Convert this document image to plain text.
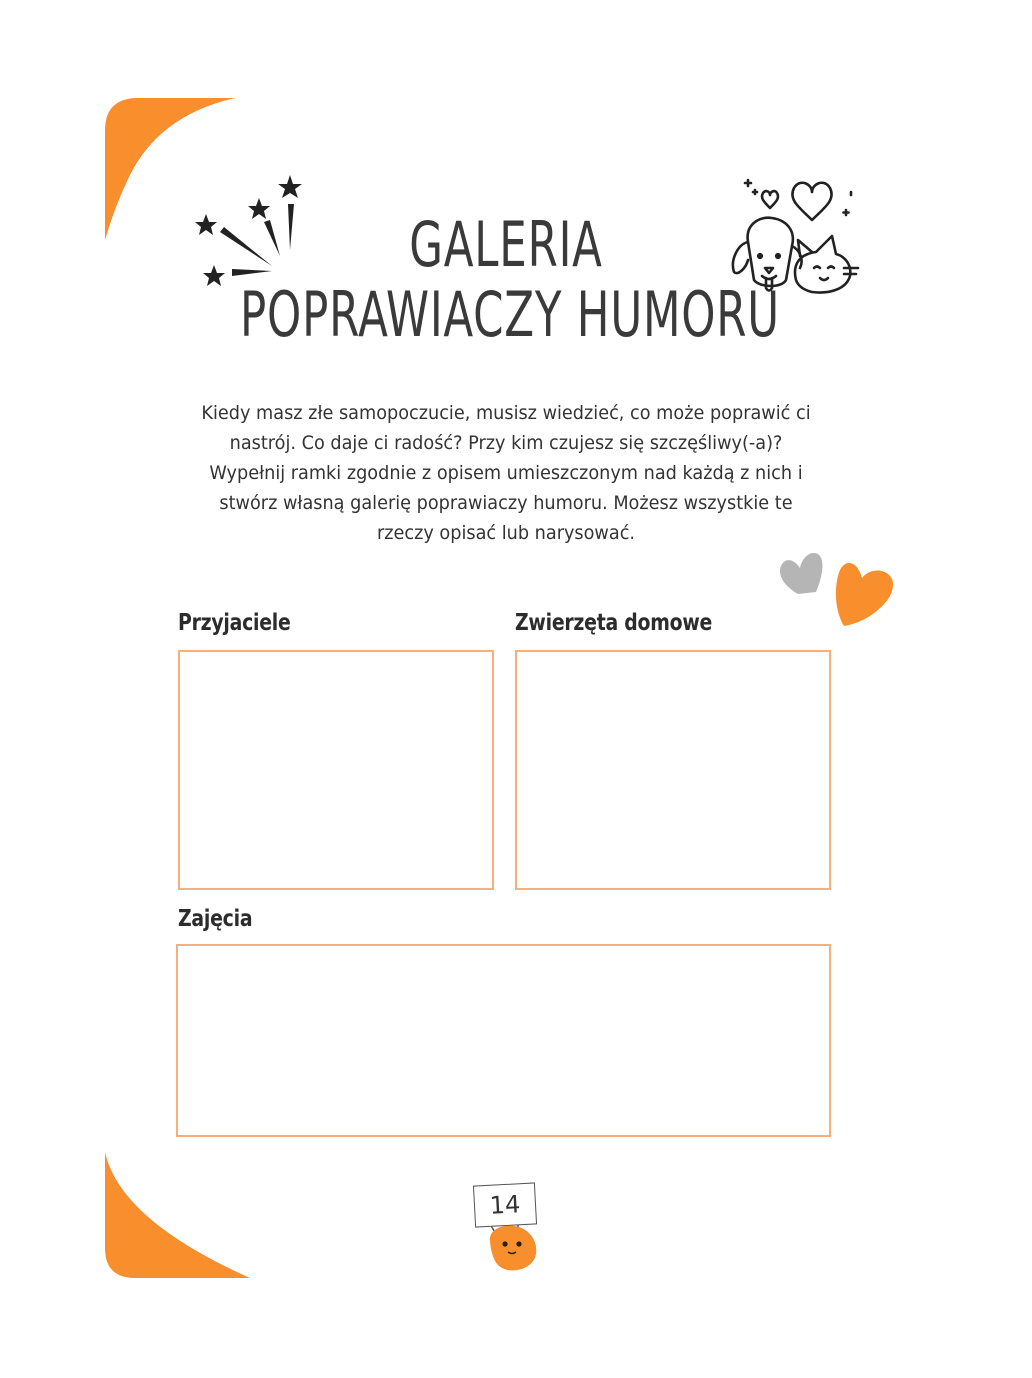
GALERIA
POPRAWIACZY HUMORU
Kiedy masz złe samopoczucie, musisz wiedzieć, co może poprawić ci nastrój. Co daje ci radość? Przy kim czujesz się szczęśliwy(-a)? Wypełnij ramki zgodnie z opisem umieszczonym nad każdą z nich i stwórz własną galerię poprawiaczy humoru. Możesz wszystkie te rzeczy opisać lub narysować.
Przyjaciele	Zwierzęta domowe
Zajęcia
14
